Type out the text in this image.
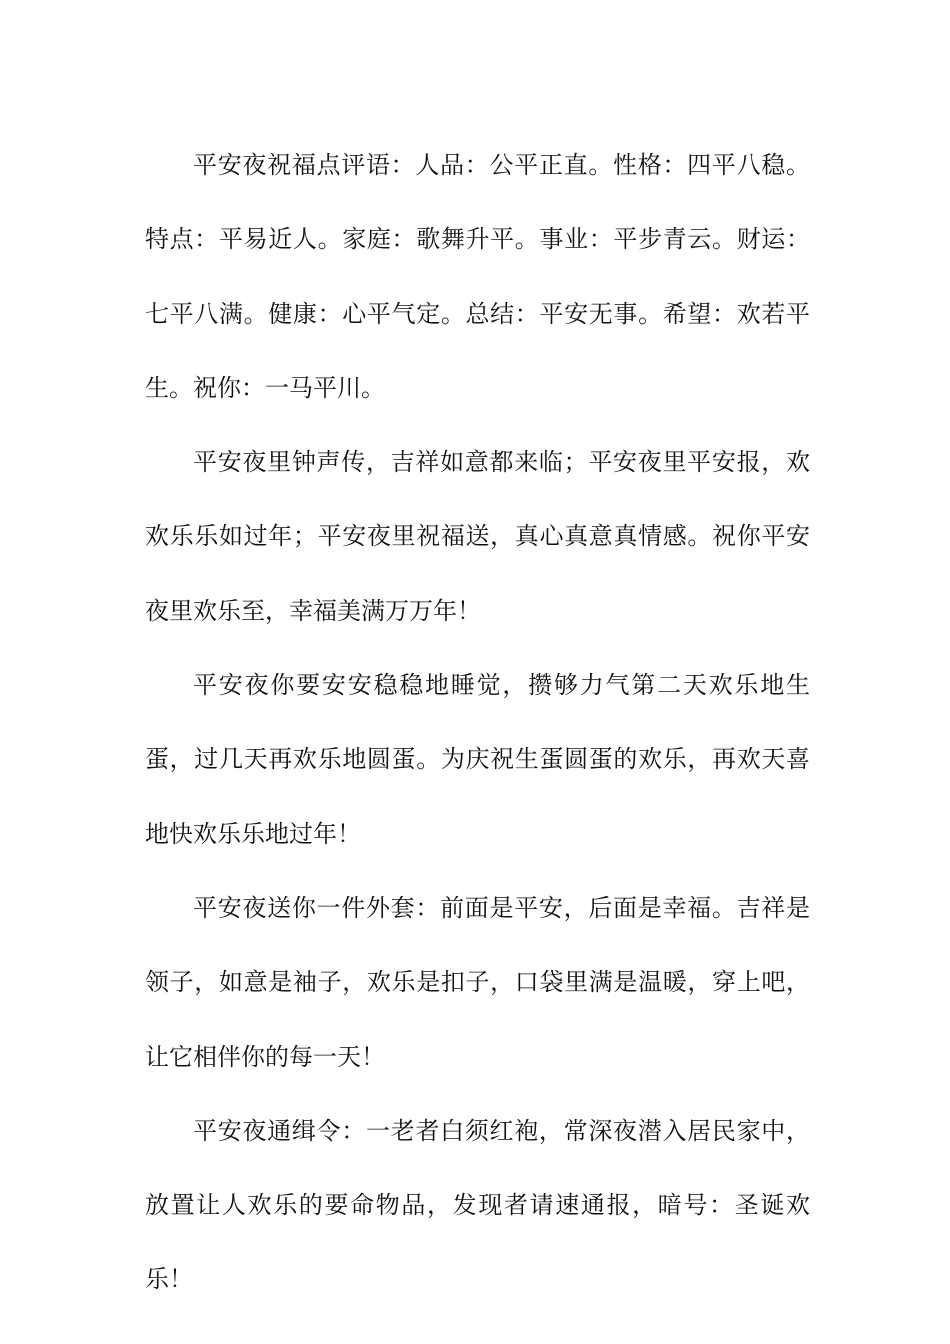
平安夜祝福点评语：人品：公平正直。性格：四平八稳。特点：平易近人。家庭：歌舞升平。事业：平步青云。财运：七平八满。健康：心平气定。总结：平安无事。希望：欢若平生。祝你：一马平川。

平安夜里钟声传，吉祥如意都来临；平安夜里平安报，欢欢乐乐如过年；平安夜里祝福送，真心真意真情感。祝你平安夜里欢乐至，幸福美满万万年！

平安夜你要安安稳稳地睡觉，攒够力气第二天欢乐地生蛋，过几天再欢乐地圆蛋。为庆祝生蛋圆蛋的欢乐，再欢天喜地快欢乐乐地过年！

平安夜送你一件外套：前面是平安，后面是幸福。吉祥是领子，如意是袖子，欢乐是扣子，口袋里满是温暖，穿上吧，让它相伴你的每一天！

平安夜通缉令：一老者白须红袍，常深夜潜入居民家中，放置让人欢乐的要命物品，发现者请速通报，暗号：圣诞欢乐！
